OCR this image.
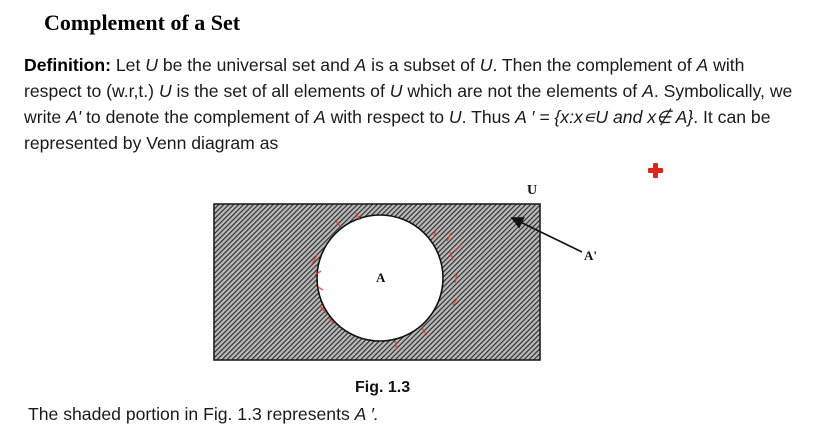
Complement of a Set
Definition: Let U be the universal set and A is a subset of U. Then the complement of A with respect to (w.r,t.) U is the set of all elements of U which are not the elements of A. Symbolically, we write A' to denote the complement of A with respect to U. Thus A ′ = {x:x∊U and x∉ A}. It can be represented by Venn diagram as
A
U
A'
Fig. 1.3
The shaded portion in Fig. 1.3 represents A ′.
